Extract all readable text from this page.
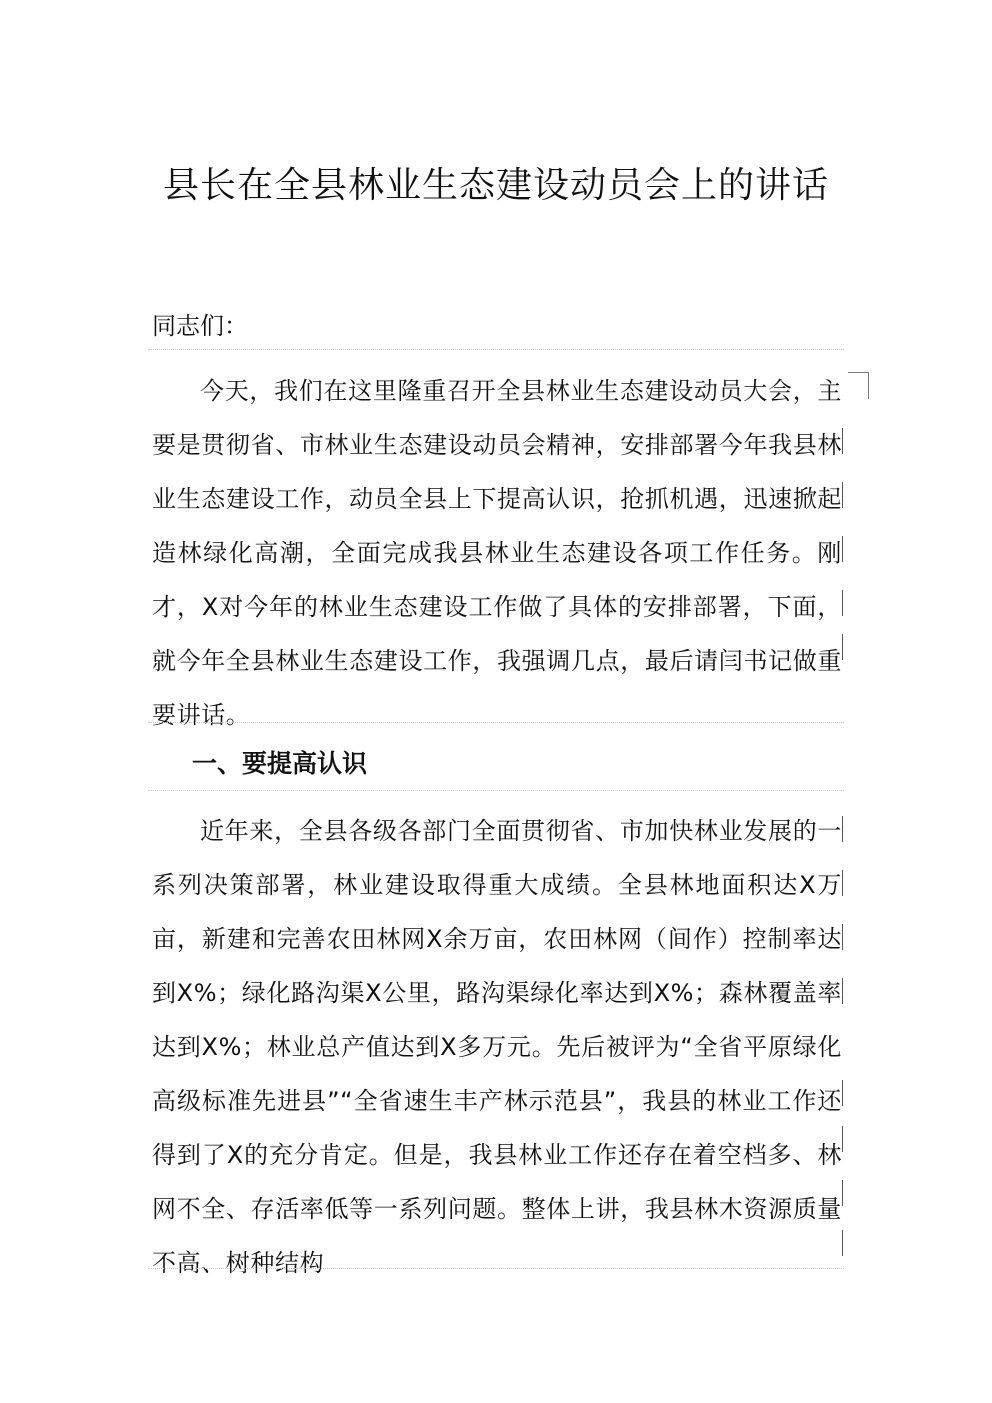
县长在全县林业生态建设动员会上的讲话

同志们：

今天，我们在这里隆重召开全县林业生态建设动员大会，主要是贯彻省、市林业生态建设动员会精神，安排部署今年我县林业生态建设工作，动员全县上下提高认识，抢抓机遇，迅速掀起造林绿化高潮，全面完成我县林业生态建设各项工作任务。刚才，X对今年的林业生态建设工作做了具体的安排部署，下面，就今年全县林业生态建设工作，我强调几点，最后请闫书记做重要讲话。

一、要提高认识

近年来，全县各级各部门全面贯彻省、市加快林业发展的一系列决策部署，林业建设取得重大成绩。全县林地面积达X万亩，新建和完善农田林网X余万亩，农田林网（间作）控制率达到X%；绿化路沟渠X公里，路沟渠绿化率达到X%；森林覆盖率达到X%；林业总产值达到X多万元。先后被评为“全省平原绿化高级标准先进县”“全省速生丰产林示范县”，我县的林业工作还得到了X的充分肯定。但是，我县林业工作还存在着空档多、林网不全、存活率低等一系列问题。整体上讲，我县林木资源质量不高、树种结构
